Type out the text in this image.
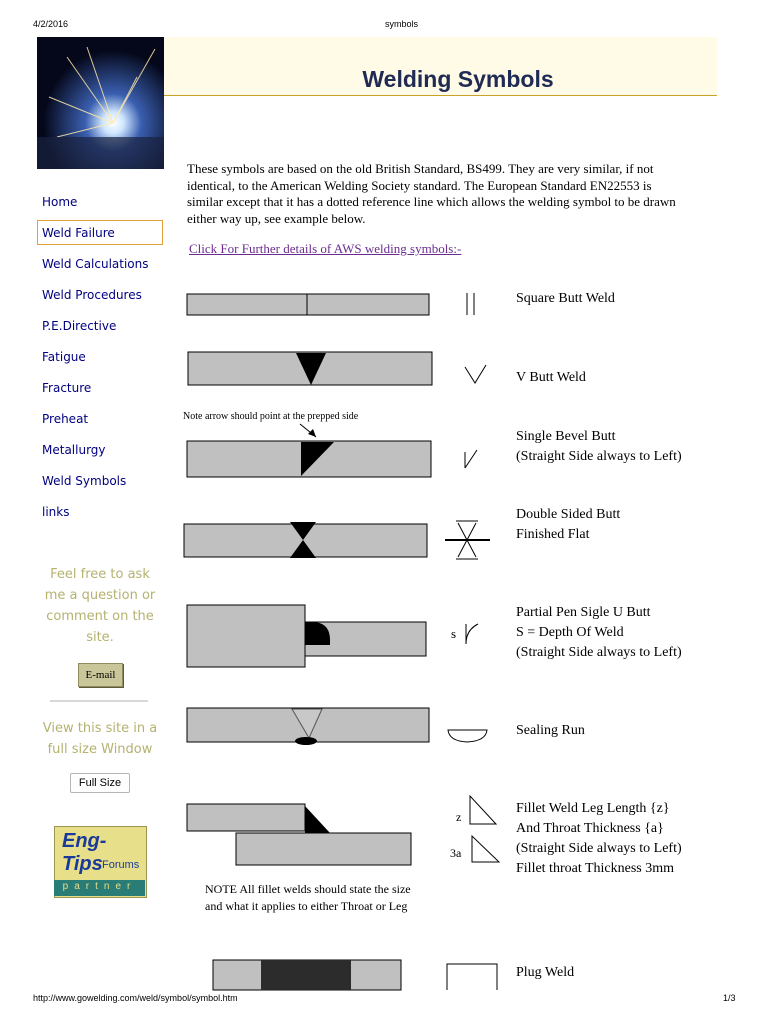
4/2/2016	symbols
http://www.gowelding.com/weld/symbol/symbol.htm	1/3
Welding Symbols
Home
Weld Failure
Weld Calculations
Weld Procedures
P.E.Directive
Fatigue
Fracture
Preheat
Metallurgy
Weld Symbols
links
Feel free to ask me a question or comment on the site.
E-mail
View this site in a full size Window
Full Size
Eng-Tips Forums
partner
These symbols are based on the old British Standard, BS499. They are very similar, if not identical, to the American Welding Society standard. The European Standard EN22553 is similar except that it has a dotted reference line which allows the welding symbol to be drawn either way up, see example below.
Click For Further details of AWS welding symbols:-
Note arrow should point at the prepped side
s
z
3a
Square Butt Weld
V Butt Weld
Single Bevel Butt
(Straight Side always to Left)
Double Sided Butt
Finished Flat
Partial Pen Sigle U Butt
S = Depth Of Weld
(Straight Side always to Left)
Sealing Run
Fillet Weld Leg Length {z}
And Throat Thickness {a}
(Straight Side always to Left)
Fillet throat Thickness 3mm
Plug Weld
NOTE All fillet welds should state the size
and what it applies to either Throat or Leg
